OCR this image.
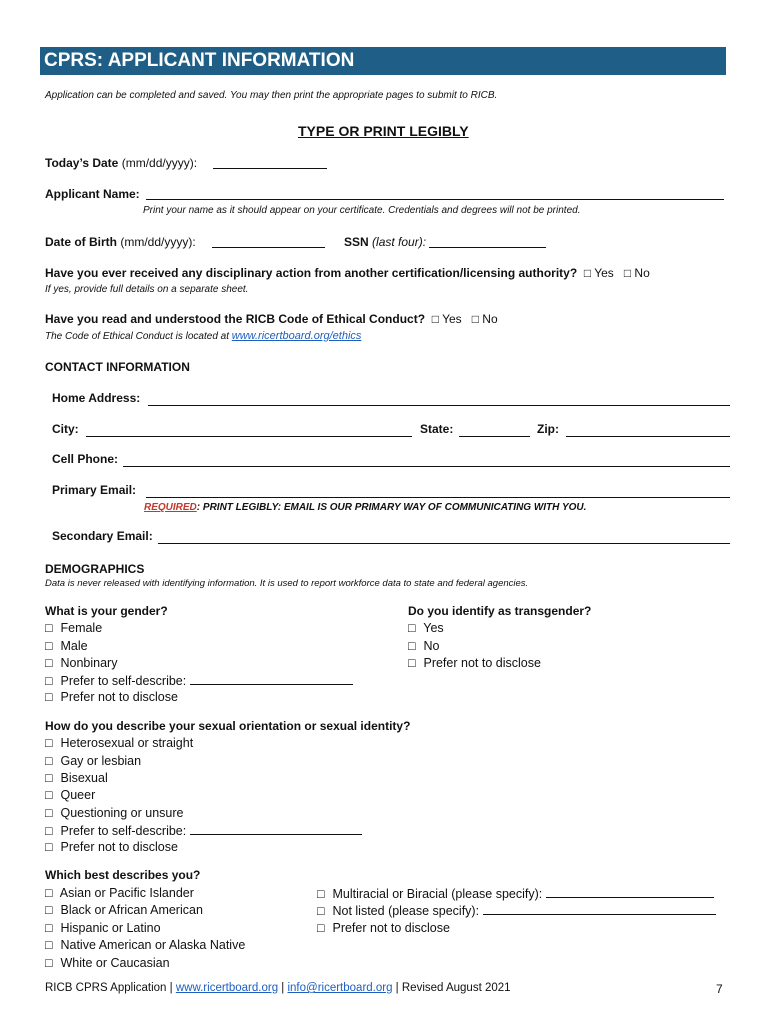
CPRS: APPLICANT INFORMATION
Application can be completed and saved. You may then print the appropriate pages to submit to RICB.
TYPE OR PRINT LEGIBLY
Today’s Date (mm/dd/yyyy):
Applicant Name:
Print your name as it should appear on your certificate. Credentials and degrees will not be printed.
Date of Birth (mm/dd/yyyy):	SSN (last four):
Have you ever received any disciplinary action from another certification/licensing authority? □ Yes □ No
If yes, provide full details on a separate sheet.
Have you read and understood the RICB Code of Ethical Conduct? □ Yes □ No
The Code of Ethical Conduct is located at www.ricertboard.org/ethics
CONTACT INFORMATION
Home Address:
City:	State:	Zip:
Cell Phone:
Primary Email:
REQUIRED: PRINT LEGIBLY: EMAIL IS OUR PRIMARY WAY OF COMMUNICATING WITH YOU.
Secondary Email:
DEMOGRAPHICS
Data is never released with identifying information. It is used to report workforce data to state and federal agencies.
What is your gender?
□ Female
□ Male
□ Nonbinary
□ Prefer to self-describe:
□ Prefer not to disclose
Do you identify as transgender?
□ Yes
□ No
□ Prefer not to disclose
How do you describe your sexual orientation or sexual identity?
□ Heterosexual or straight
□ Gay or lesbian
□ Bisexual
□ Queer
□ Questioning or unsure
□ Prefer to self-describe:
□ Prefer not to disclose
Which best describes you?
□ Asian or Pacific Islander
□ Black or African American
□ Hispanic or Latino
□ Native American or Alaska Native
□ White or Caucasian
□ Multiracial or Biracial (please specify):
□ Not listed (please specify):
□ Prefer not to disclose
RICB CPRS Application | www.ricertboard.org | info@ricertboard.org | Revised August 2021	7
